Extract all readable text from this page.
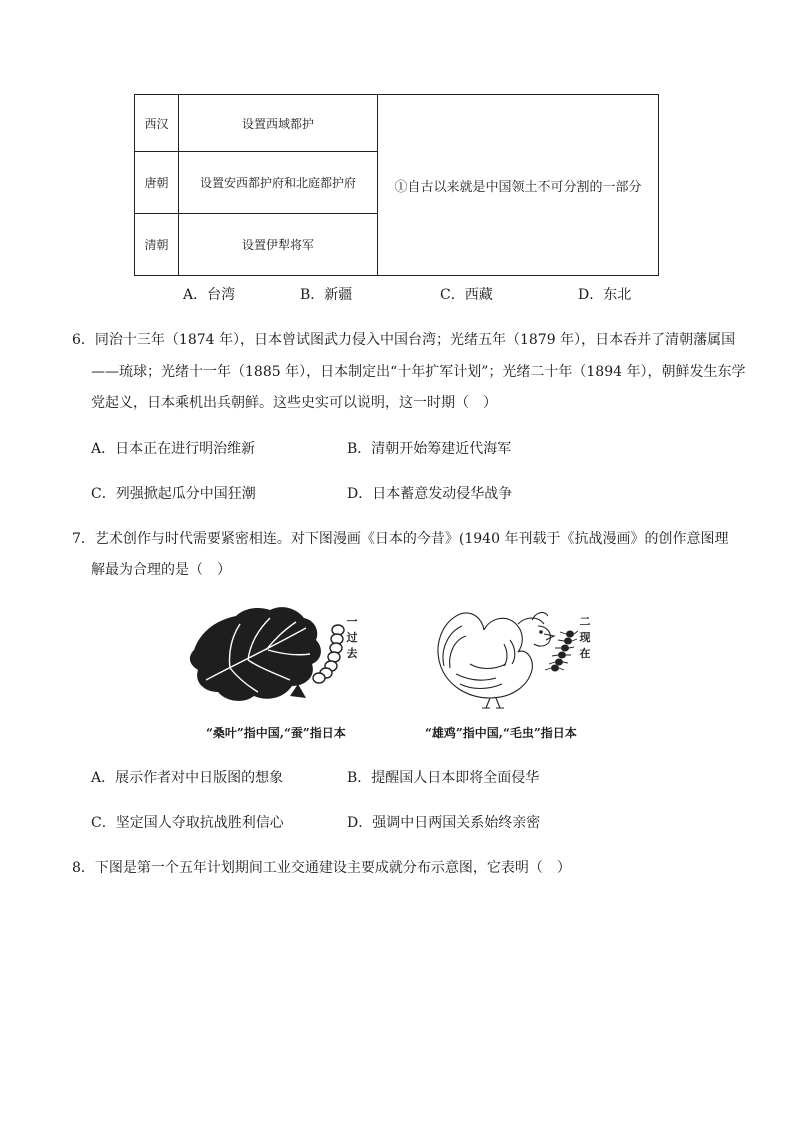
西汉	设置西域都护	①自古以来就是中国领土不可分割的一部分
唐朝	设置安西都护府和北庭都护府	
清朝	设置伊犁将军	
A．台湾	B．新疆	C．西藏	D．东北
6．同治十三年（1874 年），日本曾试图武力侵入中国台湾；光绪五年（1879 年），日本吞并了清朝藩属国
——琉球；光绪十一年（1885 年），日本制定出“十年扩军计划”；光绪二十年（1894 年），朝鲜发生东学
党起义，日本乘机出兵朝鲜。这些史实可以说明，这一时期（　）
A．日本正在进行明治维新	B．清朝开始筹建近代海军
C．列强掀起瓜分中国狂潮	D．日本蓄意发动侵华战争
7．艺术创作与时代需要紧密相连。对下图漫画《日本的今昔》(1940 年刊载于《抗战漫画》的创作意图理
解最为合理的是（　）
一过去
二现在
“桑叶”指中国,“蚕”指日本	“雄鸡”指中国,“毛虫”指日本
A．展示作者对中日版图的想象	B．提醒国人日本即将全面侵华
C．坚定国人夺取抗战胜利信心	D．强调中日两国关系始终亲密
8．下图是第一个五年计划期间工业交通建设主要成就分布示意图，它表明（　）
